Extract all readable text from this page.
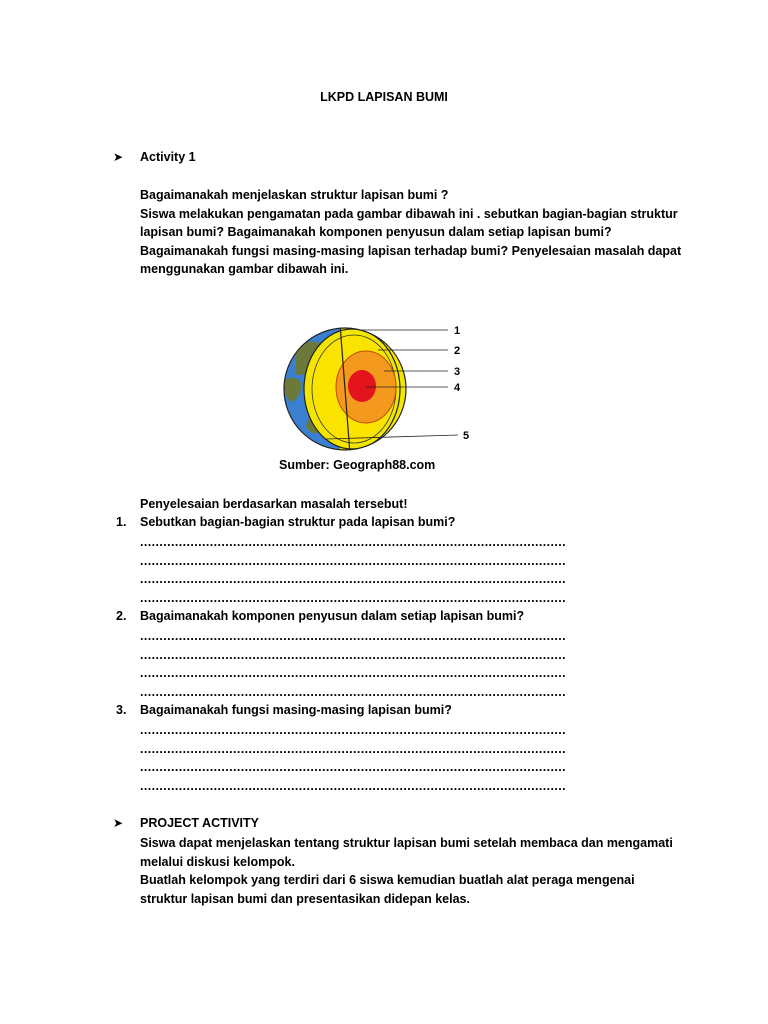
LKPD LAPISAN BUMI
➤ Activity 1
Bagaimanakah menjelaskan struktur lapisan bumi ?
Siswa melakukan pengamatan pada gambar dibawah ini . sebutkan bagian-bagian struktur
lapisan bumi? Bagaimanakah komponen penyusun dalam setiap lapisan bumi?
Bagaimanakah fungsi masing-masing lapisan terhadap bumi? Penyelesaian masalah dapat
menggunakan gambar dibawah ini.
1
2
3
4
5
Sumber: Geograph88.com
Penyelesaian berdasarkan masalah tersebut!
1. Sebutkan bagian-bagian struktur pada lapisan bumi?
..............................................................................................................
..............................................................................................................
..............................................................................................................
..............................................................................................................
2. Bagaimanakah komponen penyusun dalam setiap lapisan bumi?
..............................................................................................................
..............................................................................................................
..............................................................................................................
..............................................................................................................
3. Bagaimanakah fungsi masing-masing lapisan bumi?
..............................................................................................................
..............................................................................................................
..............................................................................................................
..............................................................................................................
➤ PROJECT ACTIVITY
Siswa dapat menjelaskan tentang struktur lapisan bumi setelah membaca dan mengamati
melalui diskusi kelompok.
Buatlah kelompok yang terdiri dari 6 siswa kemudian buatlah alat peraga mengenai
struktur lapisan bumi dan presentasikan didepan kelas.
